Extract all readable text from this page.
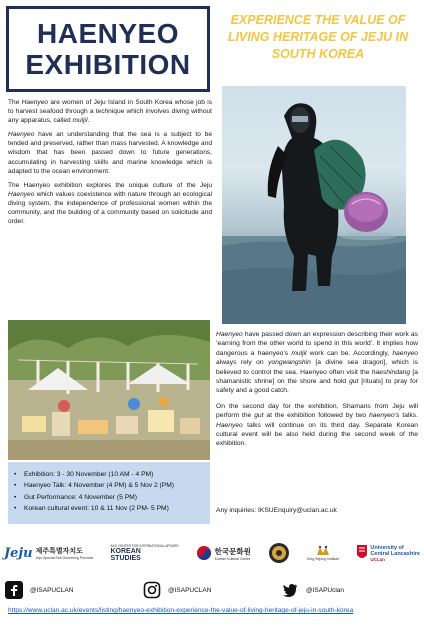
HAENYEO
EXHIBITION
EXPERIENCE THE VALUE OF LIVING HERITAGE OF JEJU IN SOUTH KOREA

The Haenyeo are women of Jeju Island in South Korea whose job is to harvest seafood through a technique which involves diving without any apparatus, called muljil.

Haenyeo have an understanding that the sea is a subject to be tended and preserved, rather than mass harvested. A knowledge and wisdom that has been passed down to future generations, accumulating in harvesting skills and marine knowledge which is adapted to the ocean environment.

The Haenyeo exhibition explores the unique culture of the Jeju Haenyeo which values coexistence with nature through an ecological diving system, the independence of professional women within the community, and the building of a community based on solicitude and order.

•	Exhibition: 3 - 30 November (10 AM - 4 PM)
•	Haenyeo Talk: 4 November (4 PM) & 5 Nov 2 (PM)
•	Gut Performance: 4 November (5 PM)
•	Korean cultural event: 10 & 11 Nov (2 PM- 5 PM)

Haenyeo have passed down an expression describing their work as ‘earning from the other world to spend in this world’. It implies how dangerous a haenyeo’s muljil work can be. Accordingly, haenyeo always rely on yongwangshin [a divine sea dragon], which is believed to control the sea. Haenyeo often visit the haeshindang [a shamanistic shrine] on the shore and hold gut [rituals] to pray for safety and a good catch.

On the second day for the exhibition, Shamans from Jeju will perform the gut at the exhibition followed by two haenyeo’s talks. Haenyeo talks will continue on its third day. Separate Korean cultural event will be also held during the second week of the exhibition.

Any inquiries: IKSUEnquiry@uclan.ac.uk
Jeju 제주특별자치도
Jeju Special Self-Governing Province
AKS CENTER FOR INTERNATIONAL AFFAIRS
KOREAN STUDIES
한국문화원
Korean Cultural Centre	King Sejong Institute
University of
Central Lancashire
UCLan
@ISAPUCLAN	@ISAPUCLAN	@ISAPUclan
https://www.uclan.ac.uk/events/listing/haenyeo-exhibition-experience-the-value-of-living-heritage-of-jeju-in-south-korea
